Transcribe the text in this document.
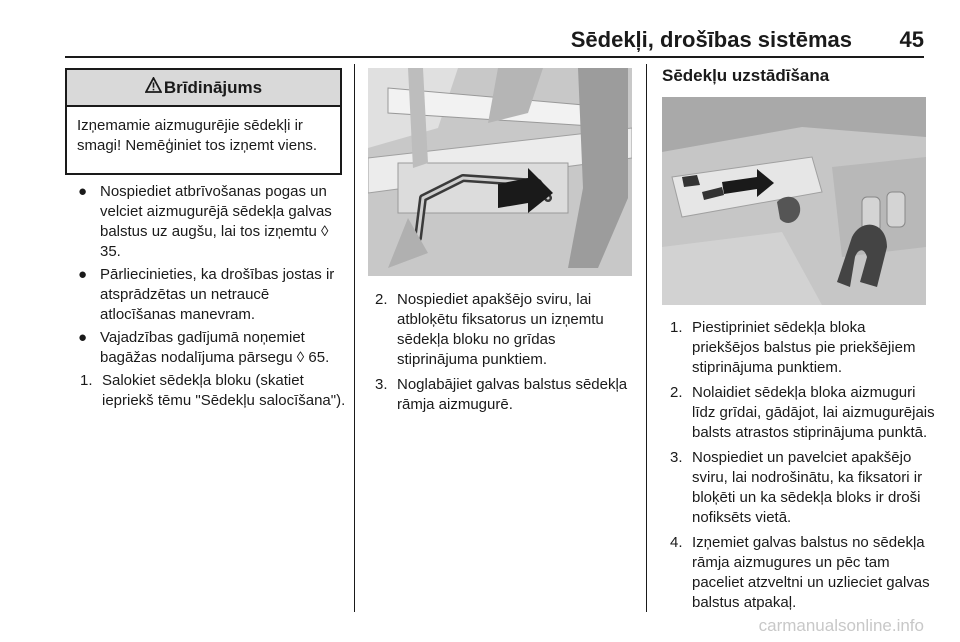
Sēdekļi, drošības sistēmas 45
Brīdinājums
Izņemamie aizmugurējie sēdekļi ir smagi! Nemēģiniet tos izņemt viens.
● Nospiediet atbrīvošanas pogas un velciet aizmugurējā sēdekļa galvas balstus uz augšu, lai tos izņemtu ◊ 35.
● Pārliecinieties, ka drošības jostas ir atsprādzētas un netraucē atlocīšanas manevram.
● Vajadzības gadījumā noņemiet bagāžas nodalījuma pārsegu ◊ 65.
1. Salokiet sēdekļa bloku (skatiet iepriekš tēmu "Sēdekļu salocīšana").
2. Nospiediet apakšējo sviru, lai atbloķētu fiksatorus un izņemtu sēdekļa bloku no grīdas stiprinājuma punktiem.
3. Noglabājiet galvas balstus sēdekļa rāmja aizmugurē.
Sēdekļu uzstādīšana
1. Piestipriniet sēdekļa bloka priekšējos balstus pie priekšējiem stiprinājuma punktiem.
2. Nolaidiet sēdekļa bloka aizmuguri līdz grīdai, gādājot, lai aizmugurējais balsts atrastos stiprinājuma punktā.
3. Nospiediet un pavelciet apakšējo sviru, lai nodrošinātu, ka fiksatori ir bloķēti un ka sēdekļa bloks ir droši nofiksēts vietā.
4. Izņemiet galvas balstus no sēdekļa rāmja aizmugures un pēc tam paceliet atzveltni un uzlieciet galvas balstus atpakaļ.
carmanualsonline.info
